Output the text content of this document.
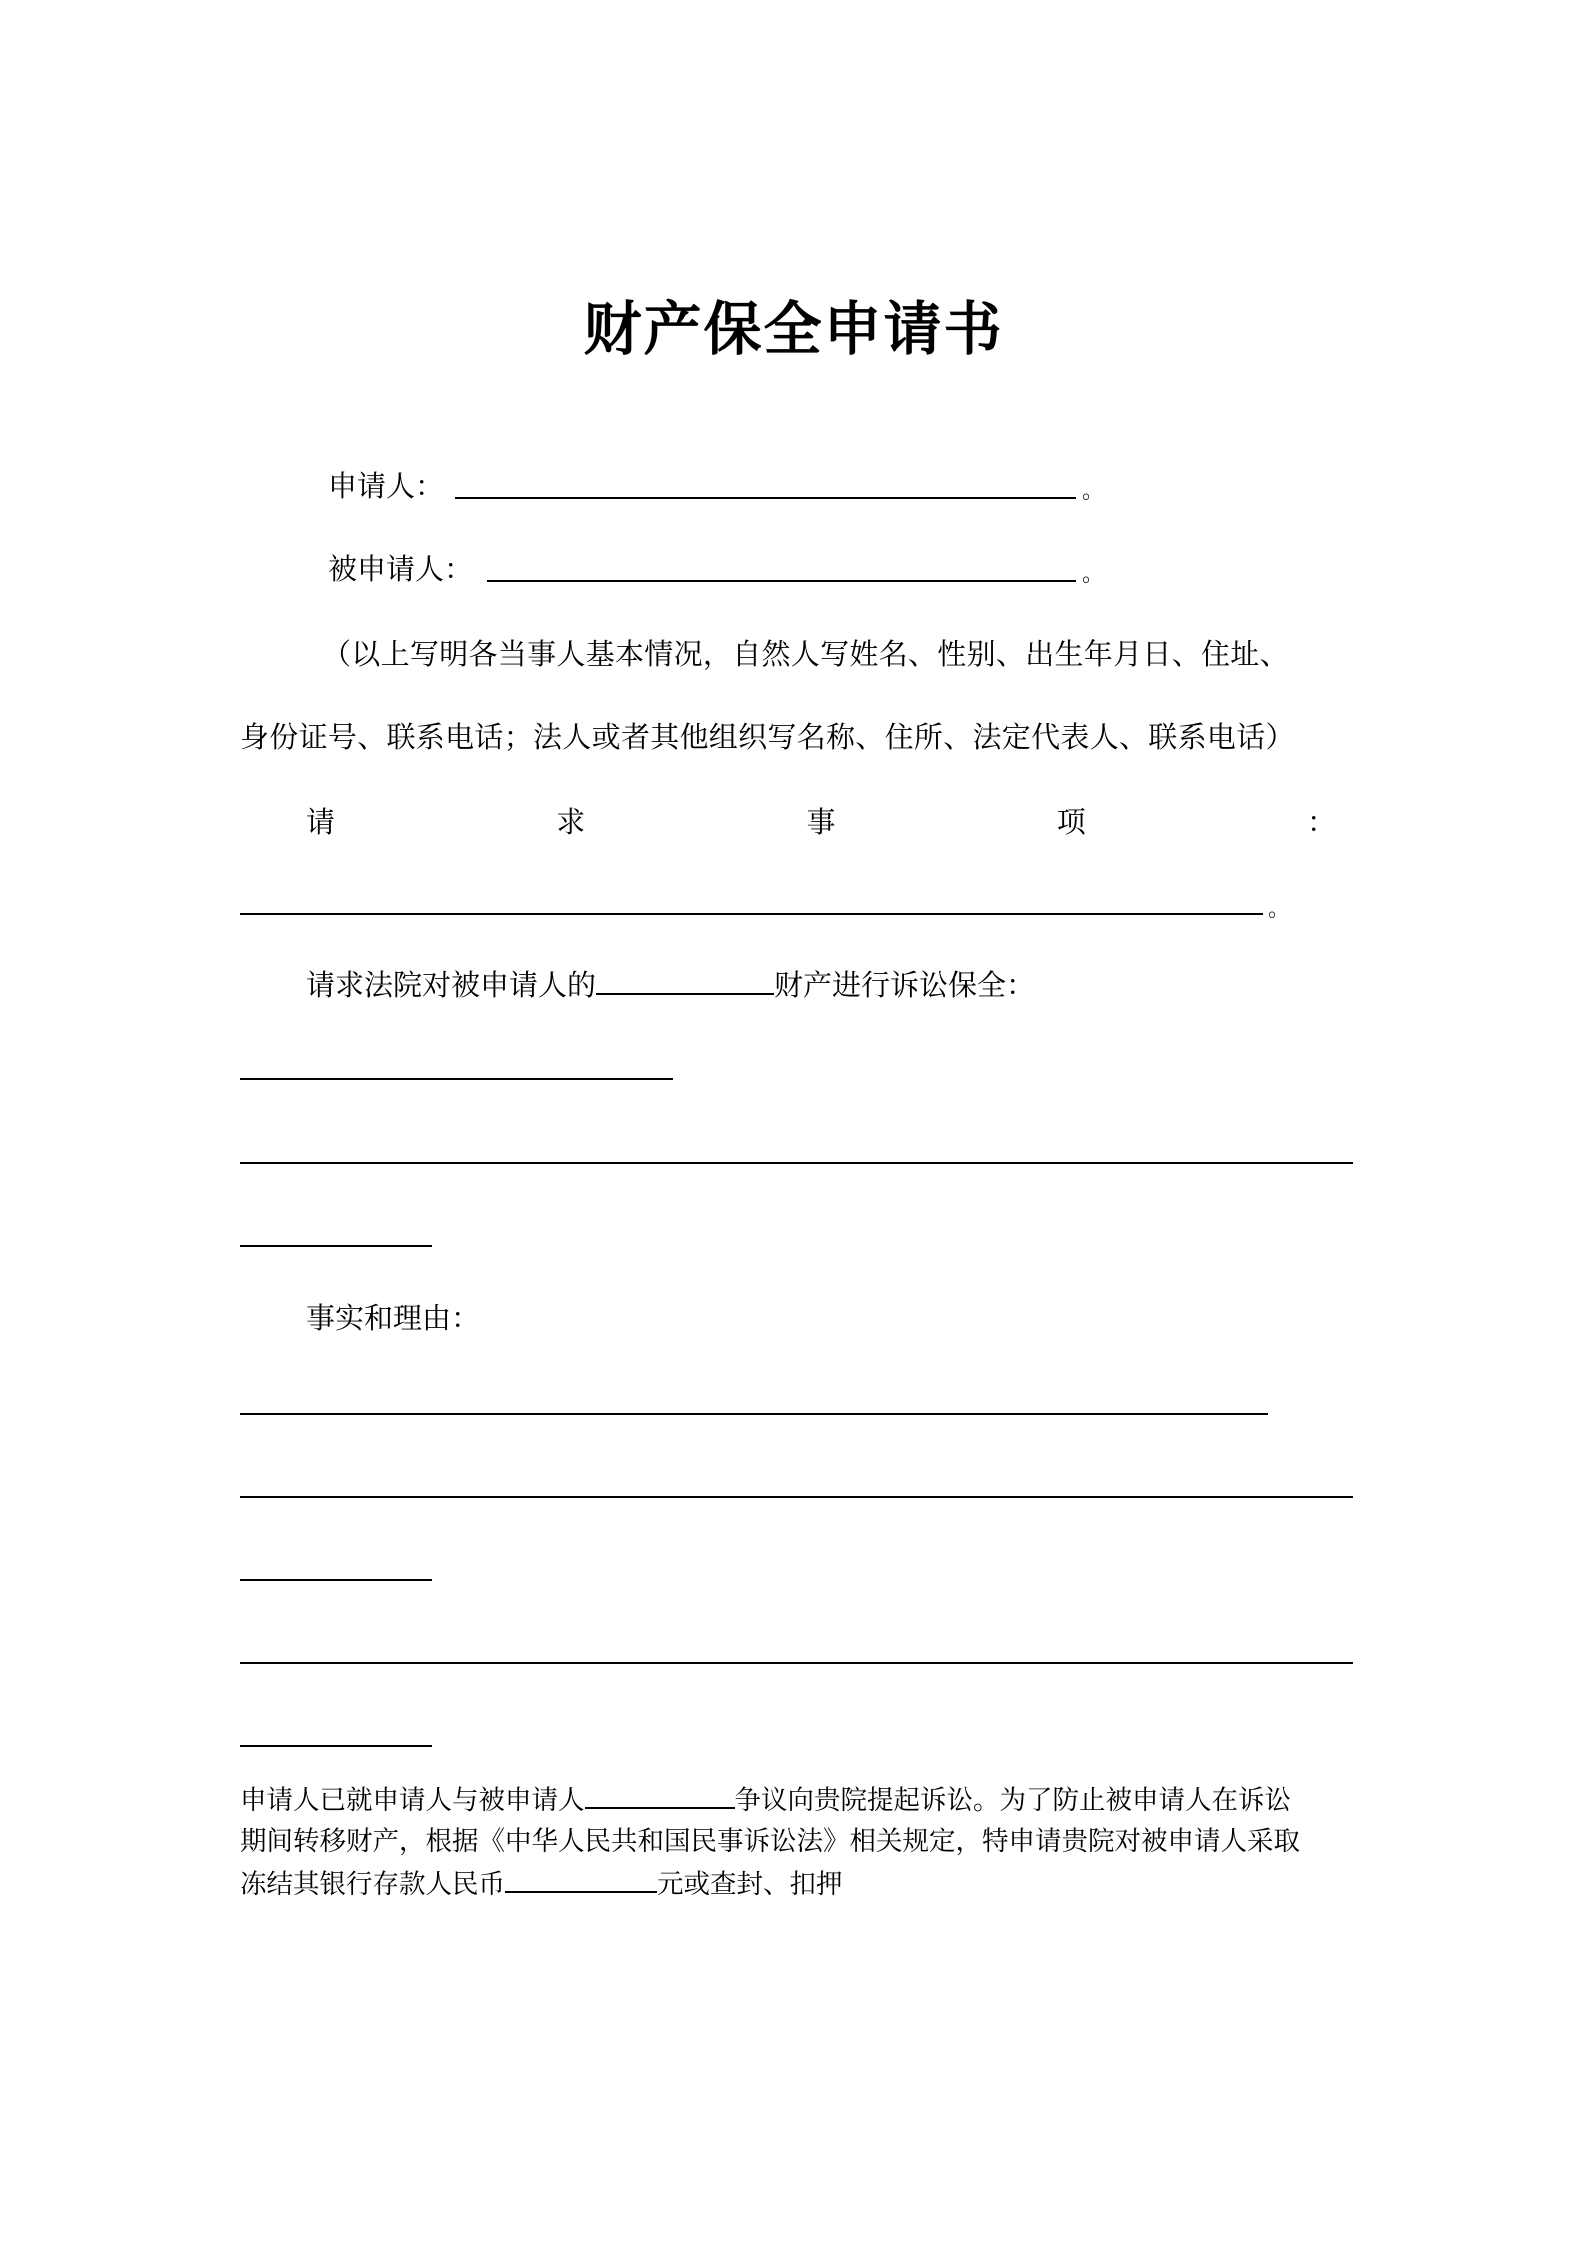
财产保全申请书
申请人：	。
被申请人：	。
（以上写明各当事人基本情况，自然人写姓名、性别、出生年月日、住址、
身份证号、联系电话；法人或者其他组织写名称、住所、法定代表人、联系电话）
请	求	事	项	：
。
请求法院对被申请人的	财产进行诉讼保全：
事实和理由：
申请人已就申请人与被申请人	争议向贵院提起诉讼。为了防止被申请人在诉讼
期间转移财产，根据《中华人民共和国民事诉讼法》相关规定，特申请贵院对被申请人采取
冻结其银行存款人民币	元或查封、扣押
